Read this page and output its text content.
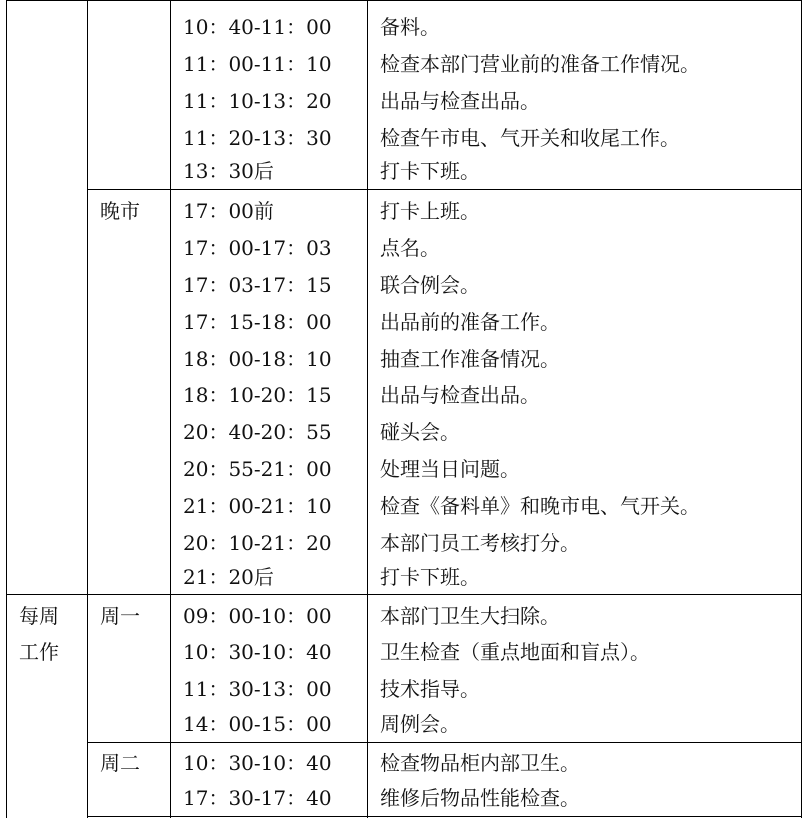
10：40-11：00 备料。
11：00-11：10 检查本部门营业前的准备工作情况。
11：10-13：20 出品与检查出品。
11：20-13：30 检查午市电、气开关和收尾工作。
13：30后	打卡下班。
晚市 17：00前	打卡上班。
17：00-17：03 点名。
17：03-17：15 联合例会。
17：15-18：00 出品前的准备工作。
18：00-18：10 抽查工作准备情况。
18：10-20：15 出品与检查出品。
20：40-20：55 碰头会。
20：55-21：00 处理当日问题。
21：00-21：10 检查《备料单》和晚市电、气开关。
20：10-21：20 本部门员工考核打分。
21：20后	打卡下班。
每周
工作
周一 09：00-10：00 本部门卫生大扫除。
10：30-10：40 卫生检查（重点地面和盲点）。
11：30-13：00 技术指导。
14：00-15：00 周例会。
周二 10：30-10：40 检查物品柜内部卫生。
17：30-17：40 维修后物品性能检查。
